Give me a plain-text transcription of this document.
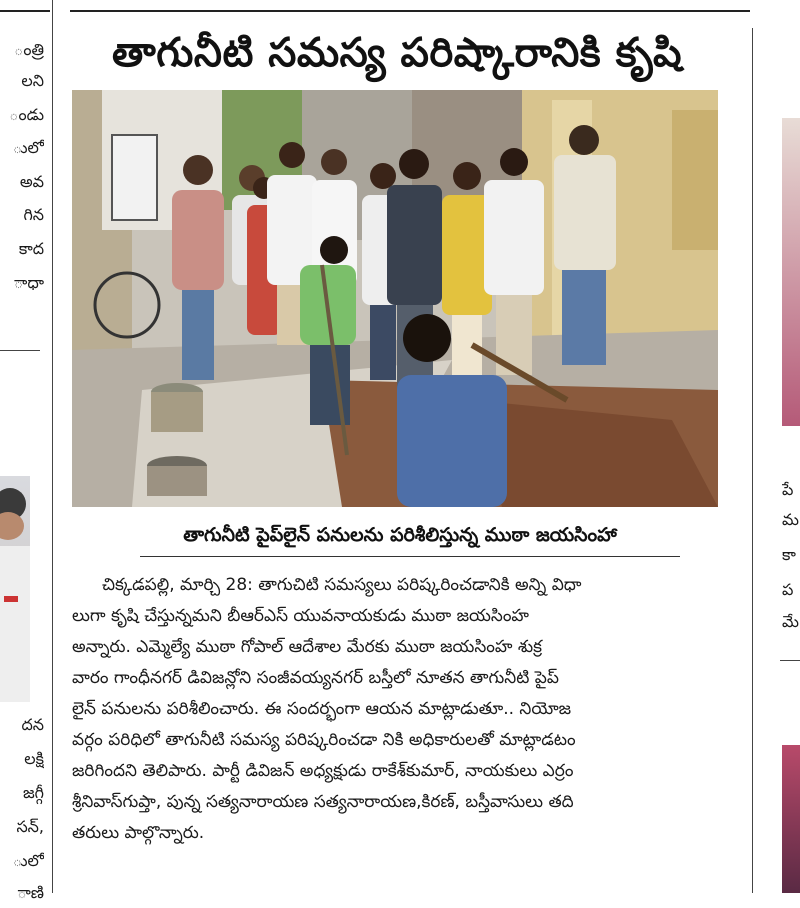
ంత్రి
లని
ండు
ులో
అవ
గిన
కాద
ాధా
దన
లక్షి
జగ్గీ
సన్,
ులో
ాణి
పే
మ
కా
ప
మే
తాగునీటి సమస్య పరిష్కారానికి కృషి
తాగునీటి పైప్‌లైన్ పనులను పరిశీలిస్తున్న ముఠా జయసింహా
చిక్కడపల్లి, మార్చి 28: తాగుచిటి సమస్యలు పరిష్కరించడానికి అన్ని విధా
లుగా కృషి చేస్తున్నమని బీఆర్ఎస్ యువనాయకుడు ముఠా జయసింహ
అన్నారు. ఎమ్మెల్యే ముఠా గోపాల్ ఆదేశాల మేరకు ముఠా జయసింహ శుక్ర
వారం గాంధీనగర్ డివిజన్లోని సంజీవయ్యనగర్ బస్తీలో నూతన తాగునీటి పైప్
లైన్ పనులను పరిశీలించారు. ఈ సందర్భంగా ఆయన మాట్లాడుతూ.. నియోజ
వర్గం పరిధిలో తాగునీటి సమస్య పరిష్కరించడా నికి అధికారులతో మాట్లాడటం
జరిగిందని తెలిపారు. పార్టీ డివిజన్ అధ్యక్షుడు రాకేశ్‌కుమార్, నాయకులు ఎర్రం
శ్రీనివాస్‌గుప్తా, పున్న సత్యనారాయణ సత్యనారాయణ,కిరణ్, బస్తీవాసులు తది
తరులు పాల్గొన్నారు.
